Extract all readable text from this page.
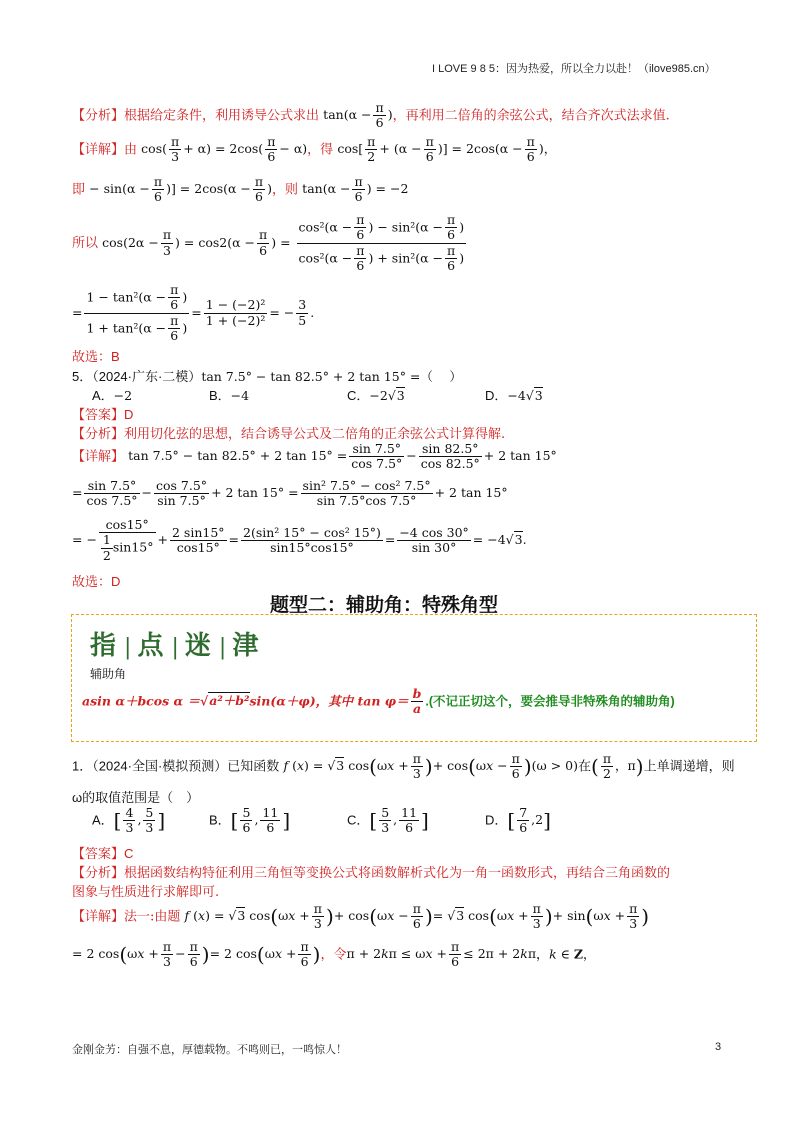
I LOVE 9 8 5：因为热爱，所以全力以赴！（ilove985.cn）
【分析】根据给定条件，利用诱导公式求出 $\tan(\alpha - \frac{\pi}{6}$ )，再利用二倍角的余弦公式，结合齐次式法求值.
【详解】由 $\cos( \frac{\pi}{3} + \alpha) = 2\cos( \frac{\pi}{6} - \alpha)$，得 $\cos[ \frac{\pi}{2} + (\alpha - \frac{\pi}{6}$ )] = $2\cos(\alpha - \frac{\pi}{6}$ )，
即 − $\sin(\alpha - \frac{\pi}{6}$ )] = $2\cos(\alpha - \frac{\pi}{6}$ )，则 $\tan(\alpha - \frac{\pi}{6}$ ) = −2
所以 $\cos(2\alpha - \frac{\pi}{3}$ ) = $\cos 2(\alpha - \frac{\pi}{6}$ ) = $\frac{\cos^2(\alpha - \frac{\pi}{6} ) - \sin^2(\alpha - \frac{\pi}{6} )}{\cos^2(\alpha - \frac{\pi}{6} ) + \sin^2(\alpha - \frac{\pi}{6} )}$
= $\frac{1 - \tan^2(\alpha - \frac{\pi}{6} )}{1 + \tan^2(\alpha - \frac{\pi}{6} )} = \frac{\text{1 − (−2)²}}{\text{1 + (−2)²}}$ = − $\frac{3}{5}$ .
故选：B
5．（2024·广东·二模）tan 7.5° − tan 82.5° + 2 tan 15° =（　 ）
A．−2	B．−4	C．−2√3	D．−4√3
【答案】D
【分析】利用切化弦的思想，结合诱导公式及二倍角的正余弦公式计算得解.
【详解】 tan 7.5° − tan 82.5° + 2 $\tan 15^\circ = \frac{\sin 7.5^\circ}{\cos 7.5^\circ} - \frac{\sin 82.5^\circ}{\cos 82.5^\circ} + 2$ tan 15°
= $\frac{\sin 7.5^\circ}{\cos 7.5^\circ} - \frac{\cos 7.5^\circ}{\sin 7.5^\circ} + 2$ $\tan 15^\circ = \frac{\text{sin² 7.5° − cos² 7.5°}}{\sin 7.5^\circ\cos 7.5^\circ} + 2$ tan 15°
= − $\frac{\cos 15^\circ}{\frac{1}{2} \sin 15^\circ} + \frac{2 \sin 15^\circ}{\cos 15^\circ} = \frac{\text{2(sin² 15° − cos² 15°)}}{\sin 15^\circ\cos 15^\circ} = \frac{-4 \cos 30^\circ}{\sin 30^\circ} = -4√3$.
故选：D
题型二：辅助角：特殊角型
指 | 点 | 迷 | 津
辅助角
asin α＋bcos α ＝√a²＋b²sin(α＋φ)，其中 $\tan \varphi= \frac{b}{a}$ .(不记正切这个，要会推导非特殊角的辅助角)
1．（2024·全国·模拟预测）已知函数 f (x) = √3 $\cos(\omega x + \frac{\pi}{3}$ )+ $\cos(\omega x - \frac{\pi}{6} )(\omega > 0)$在( $\frac{\pi}{2}$ ，π)上单调递增，则
ω的取值范围是（　）
A．[ $\frac{4}{3}$ , $\frac{5}{3}$ ]	B．[ $\frac{5}{6}$ , $\frac{11}{6}$ ]	C．[ $\frac{5}{3}$ , $\frac{11}{6}$ ]	D．[ $\frac{7}{6} ,2$]
【答案】C
【分析】根据函数结构特征利用三角恒等变换公式将函数解析式化为一角一函数形式，再结合三角函数的
图象与性质进行求解即可.
【详解】法一:由题 f (x) = √3 $\cos(\omega x + \frac{\pi}{3}$ )+ $\cos(\omega x - \frac{\pi}{6}$ )= √3 $\cos(\omega x + \frac{\pi}{3}$ )+ $\sin(\omega x + \frac{\pi}{3}$ )
= 2 $\cos(\omega x + \frac{\pi}{3} - \frac{\pi}{6}$ )= 2 $\cos(\omega x + \frac{\pi}{6}$ )，令$\pi + 2k\pi \le \omega x + \frac{\pi}{6} \le 2\pi + 2k\pi$，k ∈ Z，
金刚金艻：自强不息，厚德载物。不鸣则已，一鸣惊人！	3
